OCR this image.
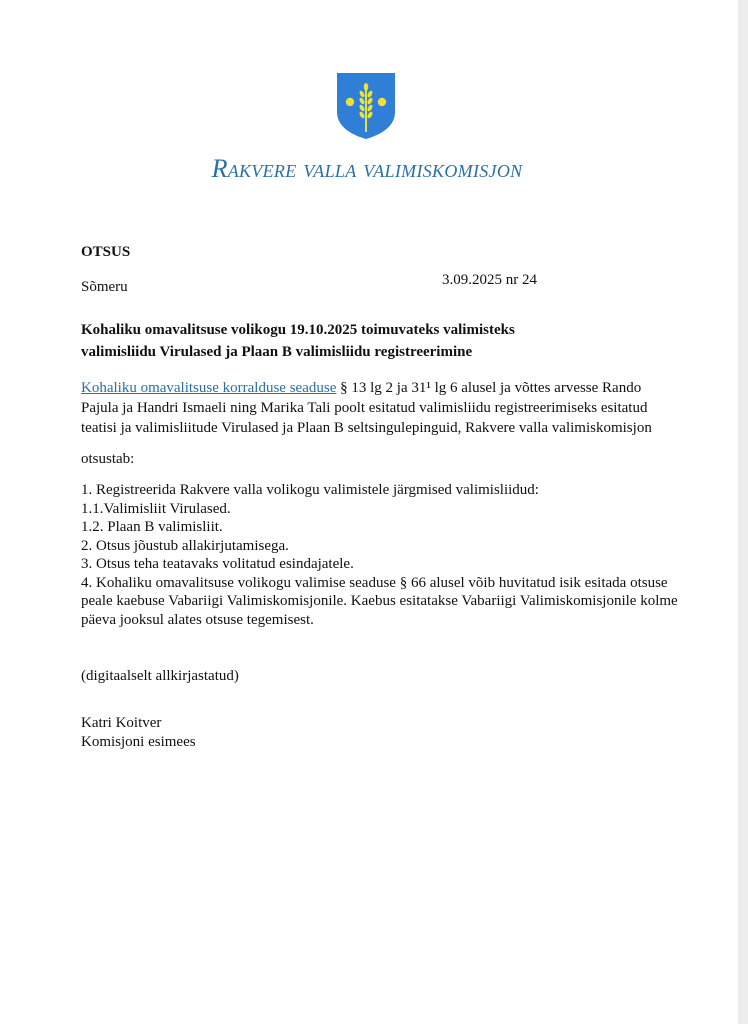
Rakvere valla valimiskomisjon
OTSUS
Sõmeru	3.09.2025 nr 24
Kohaliku omavalitsuse volikogu 19.10.2025 toimuvateks valimisteks
valimisliidu Virulased ja Plaan B valimisliidu registreerimine
Kohaliku omavalitsuse korralduse seaduse § 13 lg 2 ja 31¹ lg 6 alusel ja võttes arvesse Rando Pajula ja Handri Ismaeli ning Marika Tali poolt esitatud valimisliidu registreerimiseks esitatud teatisi ja valimisliitude Virulased ja Plaan B seltsingulepinguid, Rakvere valla valimiskomisjon
otsustab:
1. Registreerida Rakvere valla volikogu valimistele järgmised valimisliidud:
1.1.Valimisliit Virulased.
1.2. Plaan B valimisliit.
2. Otsus jõustub allakirjutamisega.
3. Otsus teha teatavaks volitatud esindajatele.
4. Kohaliku omavalitsuse volikogu valimise seaduse § 66 alusel võib huvitatud isik esitada otsuse peale kaebuse Vabariigi Valimiskomisjonile. Kaebus esitatakse Vabariigi Valimiskomisjonile kolme päeva jooksul alates otsuse tegemisest.
(digitaalselt allkirjastatud)
Katri Koitver
Komisjoni esimees
